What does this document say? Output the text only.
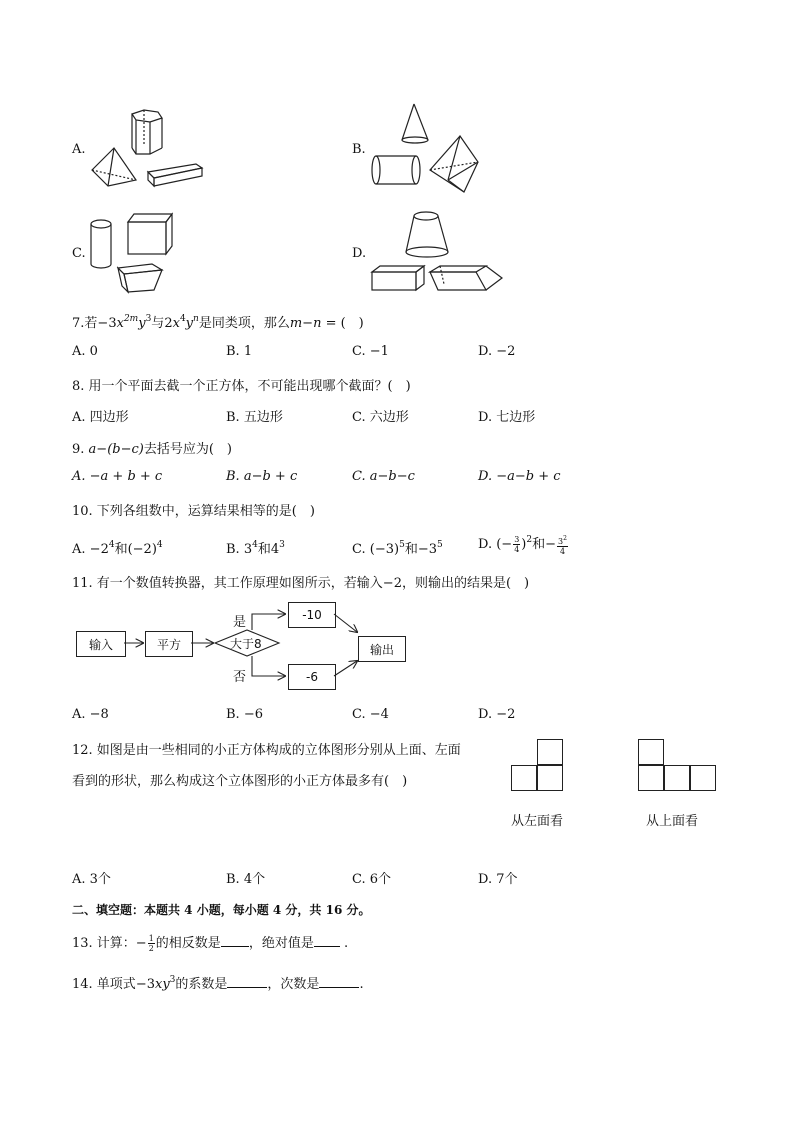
A.	B.
C.	D.
7.若$-3x^{2m}y^3$与$2x^4y^n$是同类项，那么m−n = (　)
A. 0	B. 1	C. −1	D. −2
8. 用一个平面去截一个正方体，不可能出现哪个截面？(　)
A. 四边形	B. 五边形	C. 六边形	D. 七边形
9. a−(b−c)去括号应为(　)
A. −a + b + c	B. a−b + c	C. a−b−c	D. −a−b + c
10. 下列各组数中，运算结果相等的是(　)
A. $-2^4$和$(-2)^4$	B. $3^4$和$4^3$	C. $(-3)^5$和$-3^5$	D. (− $\frac{3}{4} )^2$和− $\frac{3^2}{4}$
11. 有一个数值转换器，其工作原理如图所示，若输入−2，则输出的结果是(　)
输入	平方
-10
-6
输出
大于8
是
否
A. −8	B. −6	C. −4	D. −2
12. 如图是由一些相同的小正方体构成的立体图形分别从上面、左面
看到的形状，那么构成这个立体图形的小正方体最多有(　)
从左面看	从上面看
A. 3个	B. 4个	C. 6个	D. 7个
二、填空题：本题共 4 小题，每小题 4 分，共 16 分。
13. 计算：− $\frac{1}{2}$ 的相反数是 ，绝对值是 .
14. 单项式$-3xy^3$的系数是	，次数是	.
